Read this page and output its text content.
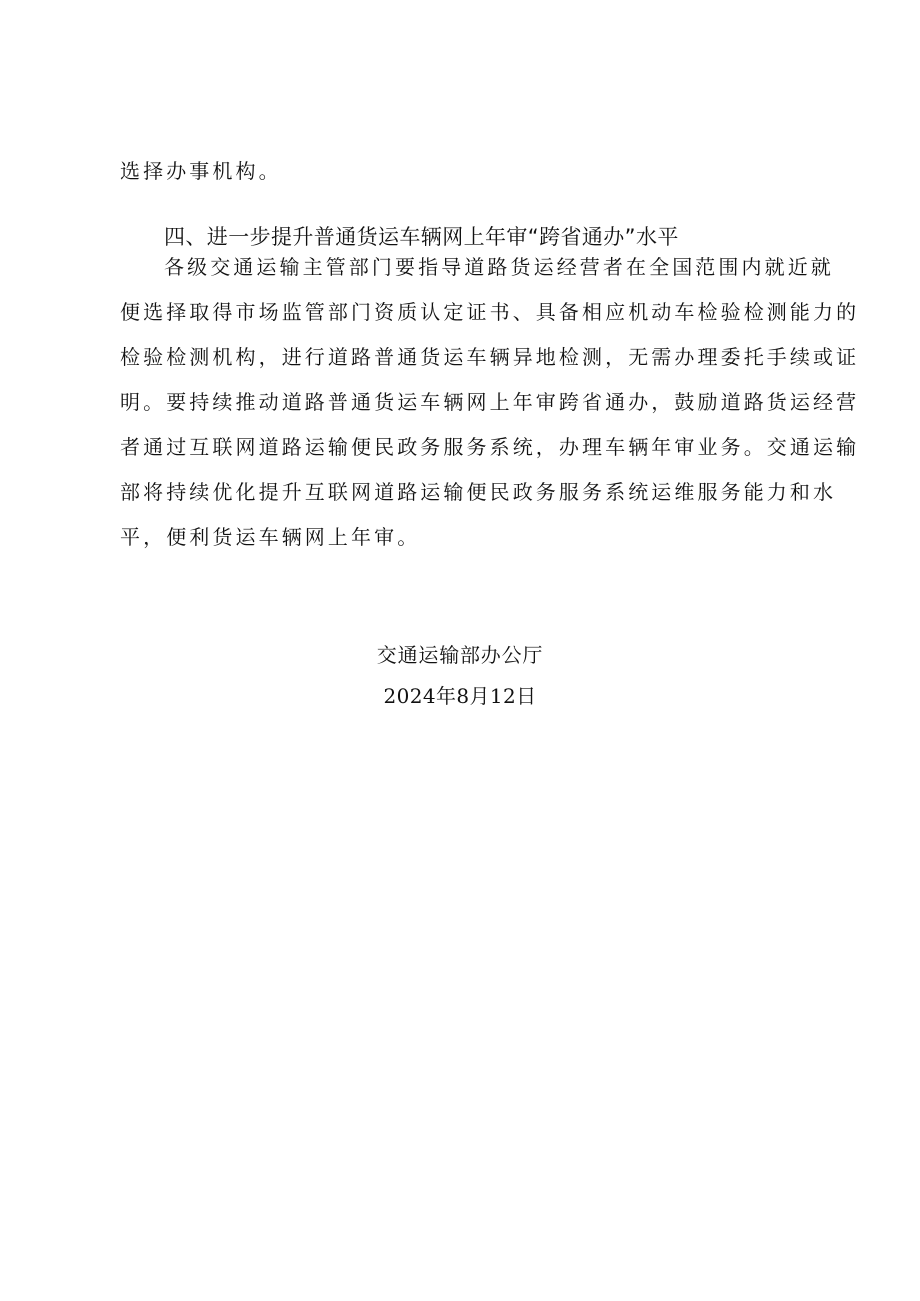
选择办事机构。
四、进一步提升普通货运车辆网上年审“跨省通办”水平
各级交通运输主管部门要指导道路货运经营者在全国范围内就近就
便选择取得市场监管部门资质认定证书、具备相应机动车检验检测能力的
检验检测机构，进行道路普通货运车辆异地检测，无需办理委托手续或证
明。要持续推动道路普通货运车辆网上年审跨省通办，鼓励道路货运经营
者通过互联网道路运输便民政务服务系统，办理车辆年审业务。交通运输
部将持续优化提升互联网道路运输便民政务服务系统运维服务能力和水
平，便利货运车辆网上年审。
交通运输部办公厅
2024年8月12日
